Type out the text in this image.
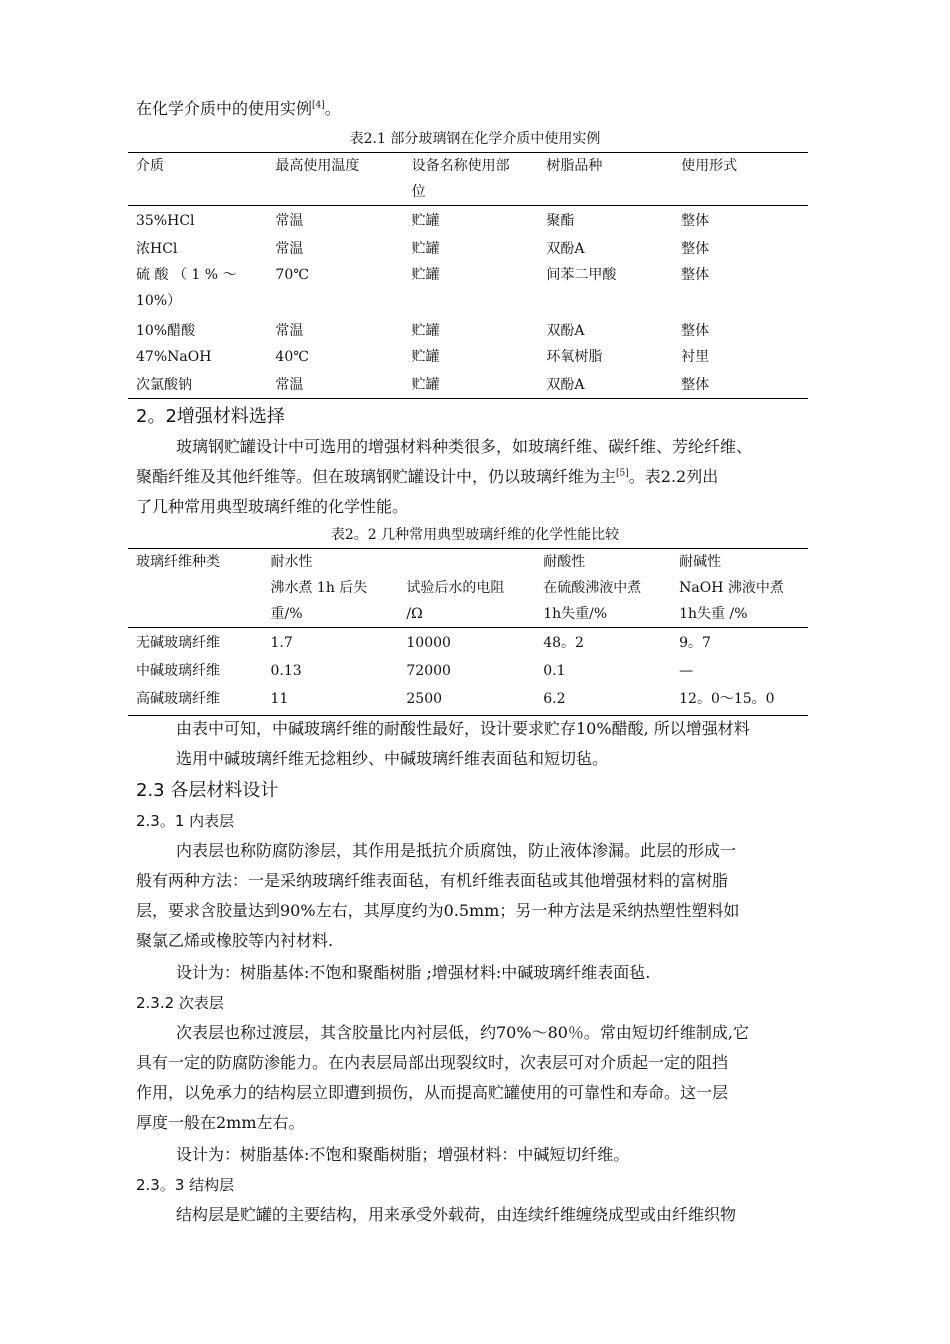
在化学介质中的使用实例[4]。
表2.1 部分玻璃钢在化学介质中使用实例
介质	最高使用温度	设备名称使用部	树脂品种	使用形式
		位		
35%HCl	常温	贮罐	聚酯	整体
浓HCl	常温	贮罐	双酚A	整体
硫 酸 （ 1 % ～	70℃	贮罐	间苯二甲酸	整体
10%）				
10%醋酸	常温	贮罐	双酚A	整体
47%NaOH	40℃	贮罐	环氧树脂	衬里
次氯酸钠	常温	贮罐	双酚A	整体
2。2增强材料选择
玻璃钢贮罐设计中可选用的增强材料种类很多，如玻璃纤维、碳纤维、芳纶纤维、
聚酯纤维及其他纤维等。但在玻璃钢贮罐设计中，仍以玻璃纤维为主[5]。表2.2列出
了几种常用典型玻璃纤维的化学性能。
表2。2 几种常用典型玻璃纤维的化学性能比较
玻璃纤维种类	耐水性		耐酸性	耐碱性
	沸水煮 1h 后失	试验后水的电阻	在硫酸沸液中煮	NaOH 沸液中煮
	重/%	/Ω	1h失重/%	1h失重 /%
无碱玻璃纤维	1.7	10000	48。2	9。7
中碱玻璃纤维	0.13	72000	0.1	—
高碱玻璃纤维	11	2500	6.2	12。0～15。0
由表中可知，中碱玻璃纤维的耐酸性最好，设计要求贮存10%醋酸, 所以增强材料
选用中碱玻璃纤维无捻粗纱、中碱玻璃纤维表面毡和短切毡。
2.3 各层材料设计
2.3。1 内表层
内表层也称防腐防渗层，其作用是抵抗介质腐蚀，防止液体渗漏。此层的形成一
般有两种方法：一是采纳玻璃纤维表面毡，有机纤维表面毡或其他增强材料的富树脂
层，要求含胶量达到90%左右，其厚度约为0.5mm；另一种方法是采纳热塑性塑料如
聚氯乙烯或橡胶等内衬材料.
设计为：树脂基体:不饱和聚酯树脂 ;增强材料:中碱玻璃纤维表面毡.
2.3.2 次表层
次表层也称过渡层，其含胶量比内衬层低，约70%～80％。常由短切纤维制成,它
具有一定的防腐防渗能力。在内表层局部出现裂纹时，次表层可对介质起一定的阻挡
作用，以免承力的结构层立即遭到损伤，从而提高贮罐使用的可靠性和寿命。这一层
厚度一般在2mm左右。
设计为：树脂基体:不饱和聚酯树脂；增强材料：中碱短切纤维。
2.3。3 结构层
结构层是贮罐的主要结构，用来承受外载荷，由连续纤维缠绕成型或由纤维织物
